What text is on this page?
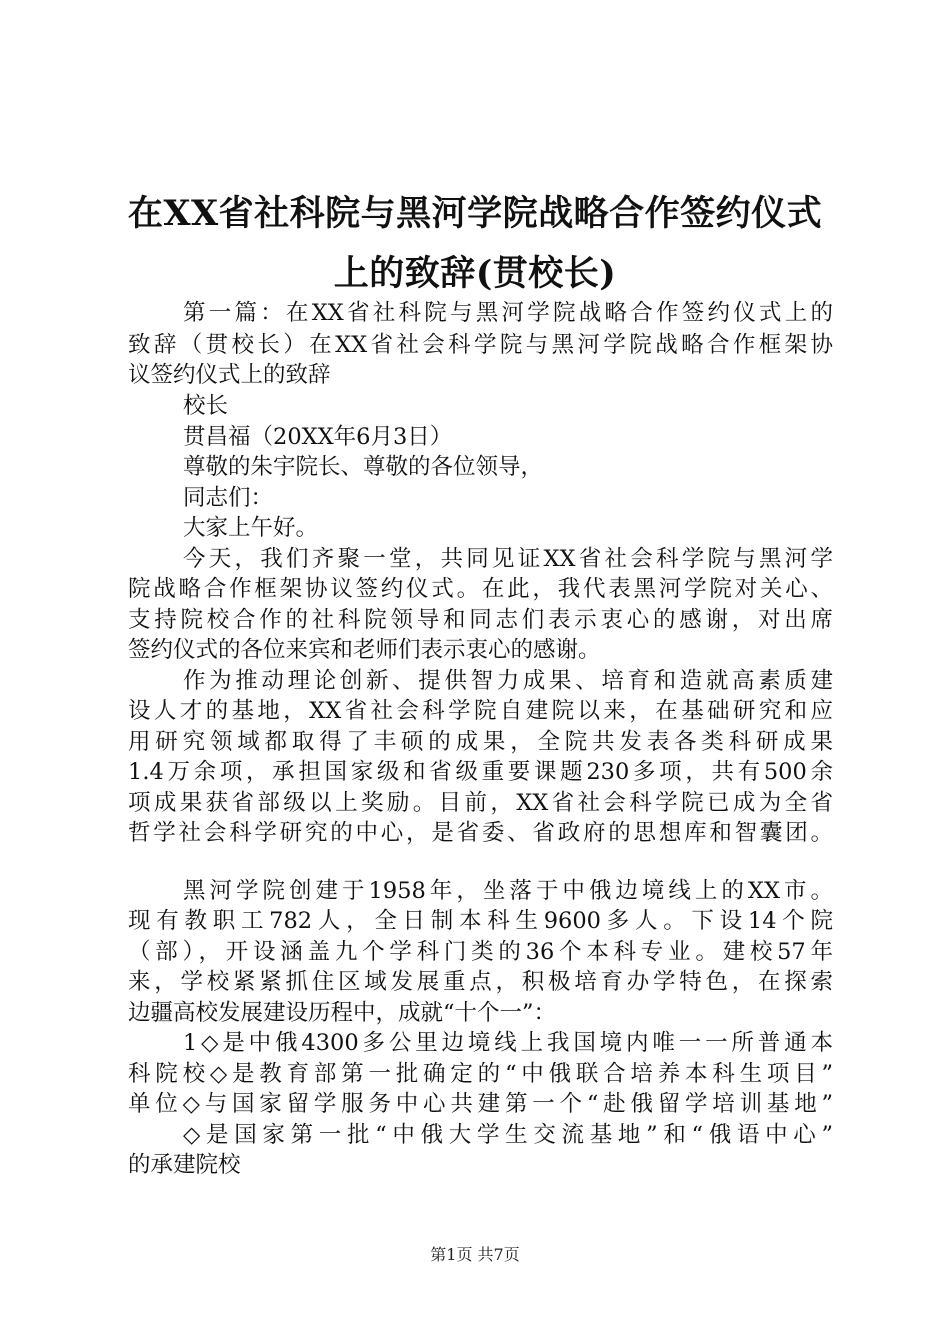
在XX省社科院与黑河学院战略合作签约仪式
上的致辞(贯校长)
第一篇：在XX省社科院与黑河学院战略合作签约仪式上的
致辞（贯校长）在XX省社会科学院与黑河学院战略合作框架协
议签约仪式上的致辞
校长
贯昌福（20XX年6月3日）
尊敬的朱宇院长、尊敬的各位领导，
同志们：
大家上午好。
今天，我们齐聚一堂，共同见证XX省社会科学院与黑河学
院战略合作框架协议签约仪式。在此，我代表黑河学院对关心、
支持院校合作的社科院领导和同志们表示衷心的感谢，对出席
签约仪式的各位来宾和老师们表示衷心的感谢。
作为推动理论创新、提供智力成果、培育和造就高素质建
设人才的基地，XX省社会科学院自建院以来，在基础研究和应
用研究领域都取得了丰硕的成果，全院共发表各类科研成果
1.4万余项，承担国家级和省级重要课题230多项，共有500余
项成果获省部级以上奖励。目前，XX省社会科学院已成为全省
哲学社会科学研究的中心，是省委、省政府的思想库和智囊团。
黑河学院创建于1958年，坐落于中俄边境线上的XX市。
现有教职工782人，全日制本科生9600多人。下设14个院
（部），开设涵盖九个学科门类的36个本科专业。建校57年
来，学校紧紧抓住区域发展重点，积极培育办学特色，在探索
边疆高校发展建设历程中，成就“十个一”：
1◇是中俄4300多公里边境线上我国境内唯一一所普通本
科院校◇是教育部第一批确定的“中俄联合培养本科生项目”
单位◇与国家留学服务中心共建第一个“赴俄留学培训基地”
◇是国家第一批“中俄大学生交流基地”和“俄语中心”
的承建院校
第1页 共7页
